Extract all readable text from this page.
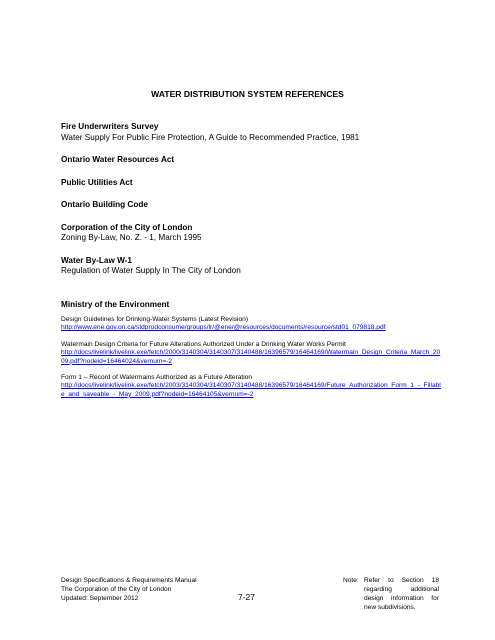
WATER DISTRIBUTION SYSTEM REFERENCES
Fire Underwriters Survey
Water Supply For Public Fire Protection, A Guide to Recommended Practice, 1981
Ontario Water Resources Act
Public Utilities Act
Ontario Building Code
Corporation of the City of London
Zoning By-Law, No. Z. - 1, March 1995
Water By-Law W-1
Regulation of Water Supply In The City of London
Ministry of the Environment
Design Guidelines for Drinking-Water Systems (Latest Revision)
http://www.ene.gov.on.ca/stdprodconsume/groups/lr/@ene/@resources/documents/resource/std01_079818.pdf
Watermain Design Criteria for Future Alterations Authorized Under a Drinking Water Works Permit
http://docs/livelink/livelink.exe/fetch/2000/3140304/3140307/3140488/16396579/16464169/Watermain_Design_Criteria_March_2009.pdf?nodeid=16464024&vernum=-2
Form 1 – Record of Watermains Authorized as a Future Alteration
http://docs/livelink/livelink.exe/fetch/2003/3140304/3140307/3140488/16396579/16464169/Future_Authorization_Form_1_-_Fillable_and_saveable_-_May_2009.pdf?nodeid=16464105&vernum=-2
Design Specifications & Requirements Manual
The Corporation of the City of London
Updated: September 2012	7-27
Note: Refer to Section 18 regarding additional design information for new subdivisions.
